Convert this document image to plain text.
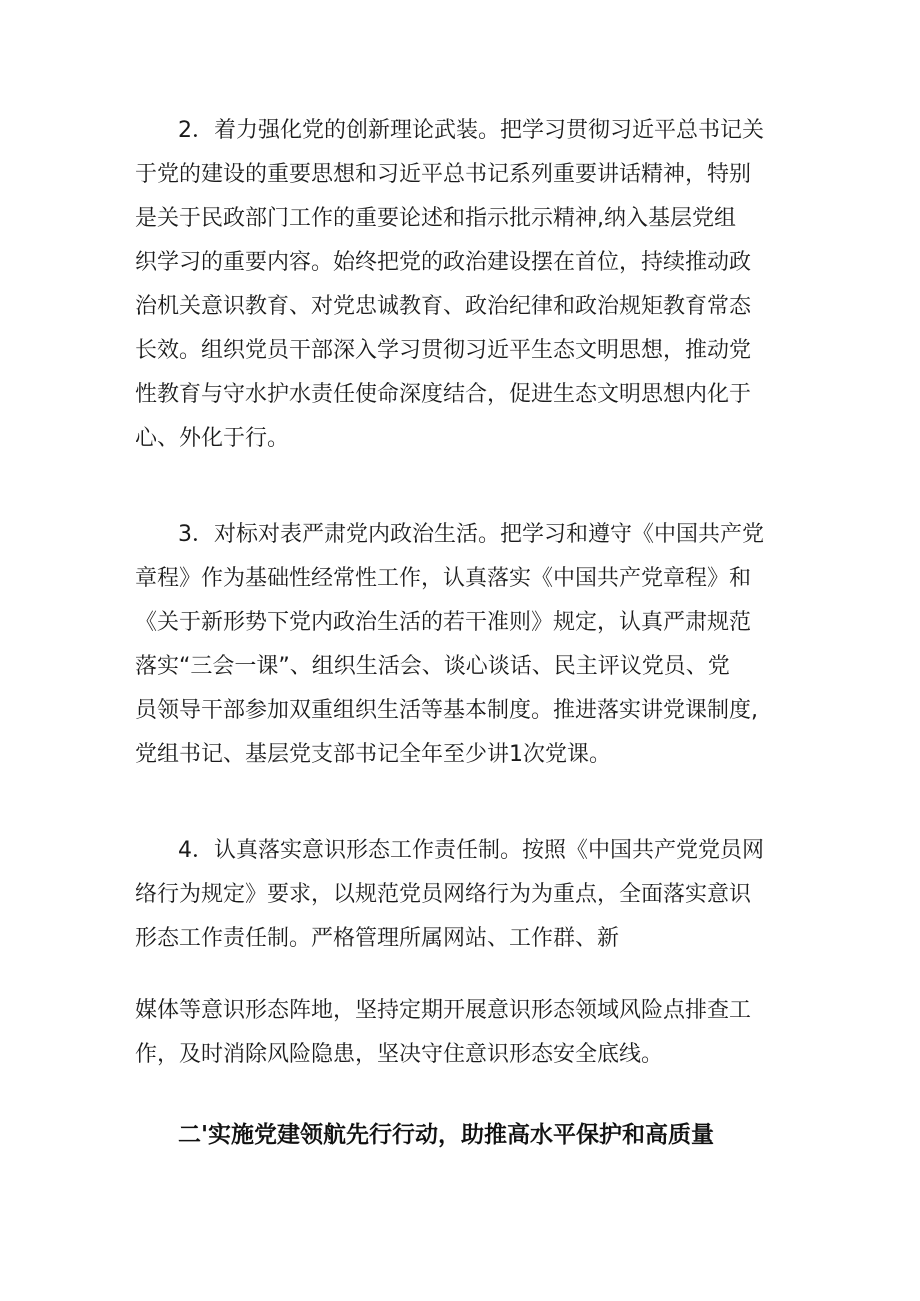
2．着力强化党的创新理论武装。把学习贯彻习近平总书记关

于党的建设的重要思想和习近平总书记系列重要讲话精神，特别

是关于民政部门工作的重要论述和指示批示精神,纳入基层党组

织学习的重要内容。始终把党的政治建设摆在首位，持续推动政

治机关意识教育、对党忠诚教育、政治纪律和政治规矩教育常态

长效。组织党员干部深入学习贯彻习近平生态文明思想，推动党

性教育与守水护水责任使命深度结合，促进生态文明思想内化于

心、外化于行。

3．对标对表严肃党内政治生活。把学习和遵守《中国共产党

章程》作为基础性经常性工作，认真落实《中国共产党章程》和

《关于新形势下党内政治生活的若干准则》规定，认真严肃规范

落实“三会一课”、组织生活会、谈心谈话、民主评议党员、党

员领导干部参加双重组织生活等基本制度。推进落实讲党课制度,

党组书记、基层党支部书记全年至少讲1次党课。

4．认真落实意识形态工作责任制。按照《中国共产党党员网

络行为规定》要求，以规范党员网络行为为重点，全面落实意识

形态工作责任制。严格管理所属网站、工作群、新

媒体等意识形态阵地，坚持定期开展意识形态领域风险点排查工

作，及时消除风险隐患，坚决守住意识形态安全底线。

二'实施党建领航先行行动，助推高水平保护和高质量
